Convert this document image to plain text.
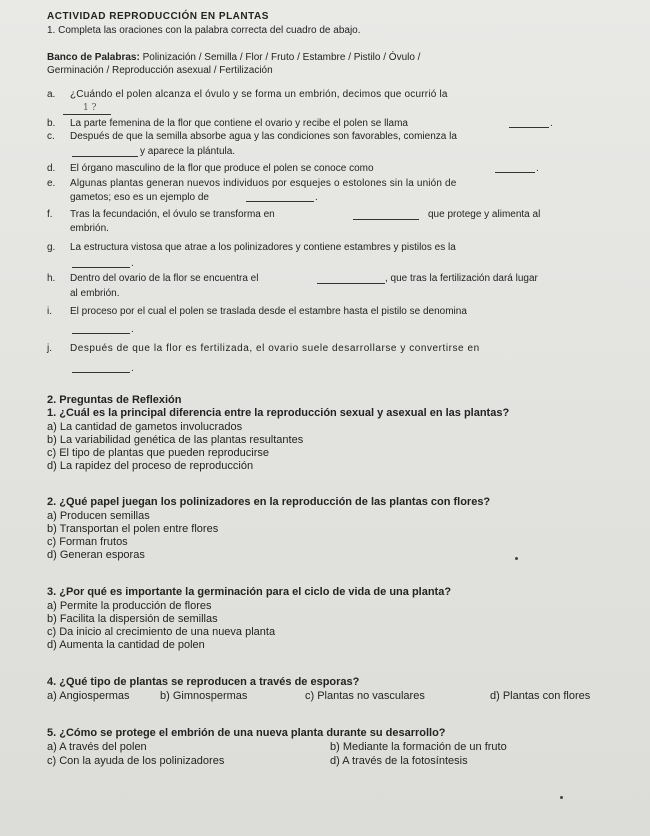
ACTIVIDAD REPRODUCCIÓN EN PLANTAS
1. Completa las oraciones con la palabra correcta del cuadro de abajo.
Banco de Palabras: Polinización / Semilla / Flor / Fruto / Estambre / Pistilo / Óvulo /
Germinación / Reproducción asexual / Fertilización
a. ¿Cuándo el polen alcanza el óvulo y se forma un embrión, decimos que ocurrió la
1 ?
b. La parte femenina de la flor que contiene el ovario y recibe el polen se llama	.
c. Después de que la semilla absorbe agua y las condiciones son favorables, comienza la
y aparece la plántula.
d. El órgano masculino de la flor que produce el polen se conoce como	.
e. Algunas plantas generan nuevos individuos por esquejes o estolones sin la unión de
gametos; eso es un ejemplo de	.
f. Tras la fecundación, el óvulo se transforma en	que protege y alimenta al
embrión.
g. La estructura vistosa que atrae a los polinizadores y contiene estambres y pistilos es la
.
h. Dentro del ovario de la flor se encuentra el	, que tras la fertilización dará lugar
al embrión.
i. El proceso por el cual el polen se traslada desde el estambre hasta el pistilo se denomina
.
j. Después de que la flor es fertilizada, el ovario suele desarrollarse y convertirse en
.
2. Preguntas de Reflexión
1. ¿Cuál es la principal diferencia entre la reproducción sexual y asexual en las plantas?
a) La cantidad de gametos involucrados
b) La variabilidad genética de las plantas resultantes
c) El tipo de plantas que pueden reproducirse
d) La rapidez del proceso de reproducción
2. ¿Qué papel juegan los polinizadores en la reproducción de las plantas con flores?
a) Producen semillas
b) Transportan el polen entre flores
c) Forman frutos
d) Generan esporas
3. ¿Por qué es importante la germinación para el ciclo de vida de una planta?
a) Permite la producción de flores
b) Facilita la dispersión de semillas
c) Da inicio al crecimiento de una nueva planta
d) Aumenta la cantidad de polen
4. ¿Qué tipo de plantas se reproducen a través de esporas?
a) Angiospermas	b) Gimnospermas	c) Plantas no vasculares	d) Plantas con flores
5. ¿Cómo se protege el embrión de una nueva planta durante su desarrollo?
a) A través del polen	b) Mediante la formación de un fruto
c) Con la ayuda de los polinizadores	d) A través de la fotosíntesis
